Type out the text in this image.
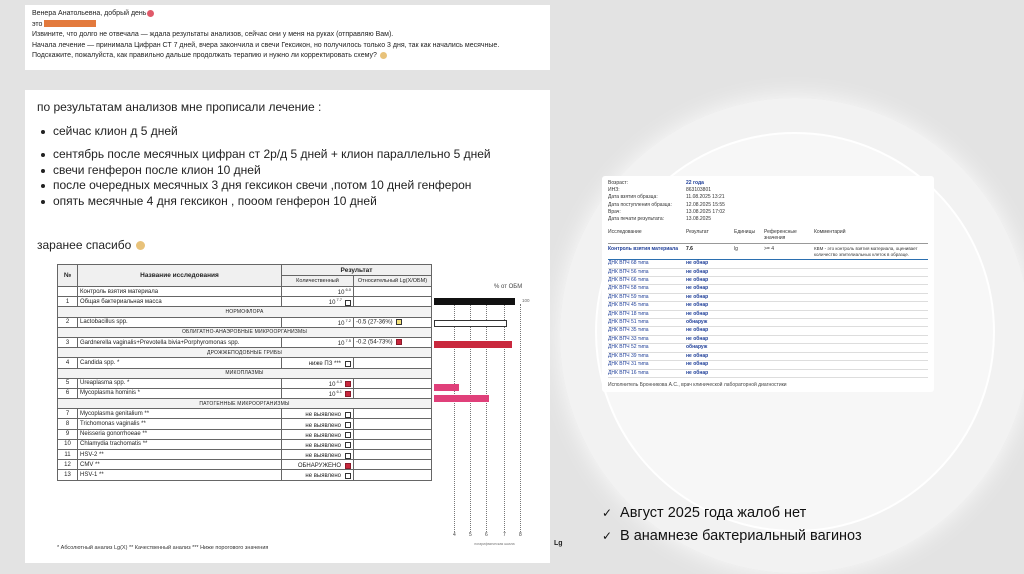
Венера Анатольевна, добрый день
это
Извините, что долго не отвечала — ждала результаты анализов, сейчас они у меня на руках (отправляю Вам).
Начала лечение — принимала Цифран СТ 7 дней, вчера закончила и свечи Гексикон, но получилось только 3 дня, так как начались месячные.
Подскажите, пожалуйста, как правильно дальше продолжать терапию и нужно ли корректировать схему?
по результатам анализов мне прописали лечение :
сейчас клион д 5 дней
сентябрь после месячных цифран ст 2р/д 5 дней + клион параллельно 5 дней
свечи генферон после клион 10 дней
после очередных месячных 3 дня гексикон свечи ,потом 10 дней генферон
опять месячные 4 дня гексикон , пооом генферон 10 дней
заранее спасибо
№	Название исследования	Результат	
		Количественный	Относительный Lg(X/ОБМ)
	Контроль взятия материала	$10^{6.0}$	
1	Общая бактериальная масса	$10^{7.7}$	
НОРМОФЛОРА			
2	Lactobacillus spp.	$10^{7.2}$	-0.5 (27-36%)
ОБЛИГАТНО-АНАЭРОБНЫЕ МИКРООРГАНИЗМЫ			
3	Gardnerella vaginalis+Prevotella bivia+Porphyromonas spp.	$10^{7.5}$	-0.2 (54-73%)
ДРОЖЖЕПОДОБНЫЕ ГРИБЫ			
4	Candida spp. *	ниже ПЗ ***	
МИКОПЛАЗМЫ			
5	Ureaplasma spp. *	$10^{4.3}$	
6	Mycoplasma hominis *	$10^{6.1}$	
ПАТОГЕННЫЕ МИКРООРГАНИЗМЫ			
7	Mycoplasma genitalium **	не выявлено	
8	Trichomonas vaginalis **	не выявлено	
9	Neisseria gonorrhoeae **	не выявлено	
10	Chlamydia trachomatis **	не выявлено	
11	HSV-2 **	не выявлено	
12	CMV **	ОБНАРУЖЕНО	
13	HSV-1 **	не выявлено	
% от ОБМ
100
4	5	6	7	8
Lg
логарифмическая шкала
* Абсолютный анализ Lg(X) ** Качественный анализ *** Ниже порогового значения
Возраст:	22 года
ИНЗ:	863103801
Дата взятия образца:	11.08.2025 13:21
Дата поступления образца:	12.08.2025 15:55
Врач:	13.08.2025 17:02
Дата печати результата:	13.08.2025
Исследование	Результат	Единицы	Референсные значения
Комментарий
Контроль взятия материала	7.6	lg	>= 4	КВМ - это контроль взятия материала, оценивает количество эпителиальных клеток в образце.
ДНК ВПЧ 68 типа	не обнар
ДНК ВПЧ 56 типа	не обнар
ДНК ВПЧ 66 типа	не обнар
ДНК ВПЧ 58 типа	не обнар
ДНК ВПЧ 59 типа	не обнар
ДНК ВПЧ 45 типа	не обнар
ДНК ВПЧ 18 типа	не обнар
ДНК ВПЧ 51 типа	обнаруж
ДНК ВПЧ 35 типа	не обнар
ДНК ВПЧ 33 типа	не обнар
ДНК ВПЧ 52 типа	обнаруж
ДНК ВПЧ 39 типа	не обнар
ДНК ВПЧ 31 типа	не обнар
ДНК ВПЧ 16 типа	не обнар
Исполнитель Бронникова А.С., врач клинической лабораторной диагностики
✓ Август 2025 года жалоб нет
✓ В анамнезе бактериальный вагиноз
